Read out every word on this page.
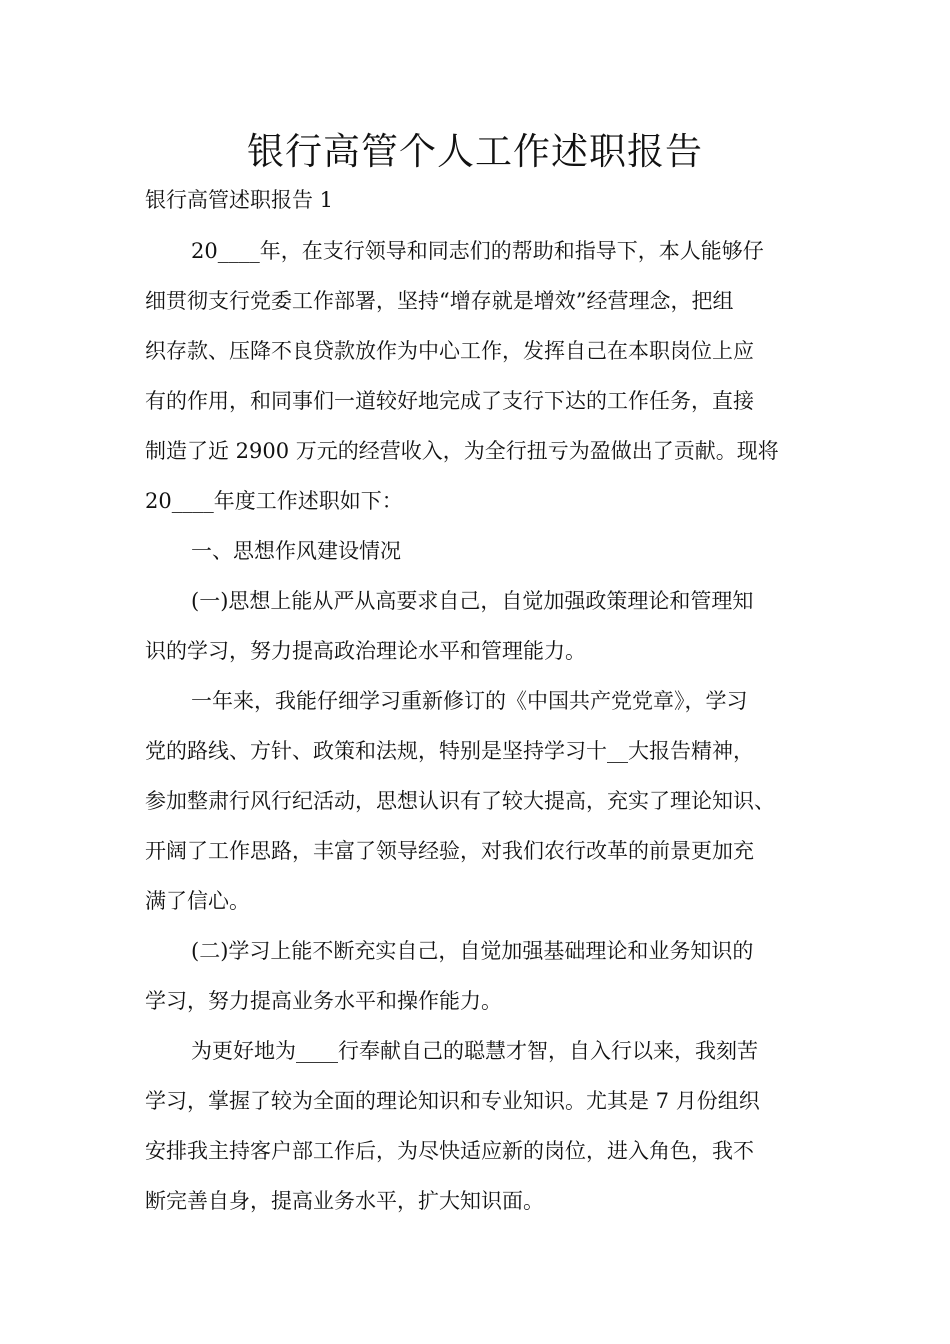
银行高管个人工作述职报告
银行高管述职报告 1
20____年，在支行领导和同志们的帮助和指导下，本人能够仔
细贯彻支行党委工作部署，坚持“增存就是增效”经营理念，把组
织存款、压降不良贷款放作为中心工作，发挥自己在本职岗位上应
有的作用，和同事们一道较好地完成了支行下达的工作任务，直接
制造了近 2900 万元的经营收入，为全行扭亏为盈做出了贡献。现将
20____年度工作述职如下：
一、思想作风建设情况
(一)思想上能从严从高要求自己，自觉加强政策理论和管理知
识的学习，努力提高政治理论水平和管理能力。
一年来，我能仔细学习重新修订的《中国共产党党章》，学习
党的路线、方针、政策和法规，特别是坚持学习十__大报告精神，
参加整肃行风行纪活动，思想认识有了较大提高，充实了理论知识、
开阔了工作思路，丰富了领导经验，对我们农行改革的前景更加充
满了信心。
(二)学习上能不断充实自己，自觉加强基础理论和业务知识的
学习，努力提高业务水平和操作能力。
为更好地为____行奉献自己的聪慧才智，自入行以来，我刻苦
学习，掌握了较为全面的理论知识和专业知识。尤其是 7 月份组织
安排我主持客户部工作后，为尽快适应新的岗位，进入角色，我不
断完善自身，提高业务水平，扩大知识面。
